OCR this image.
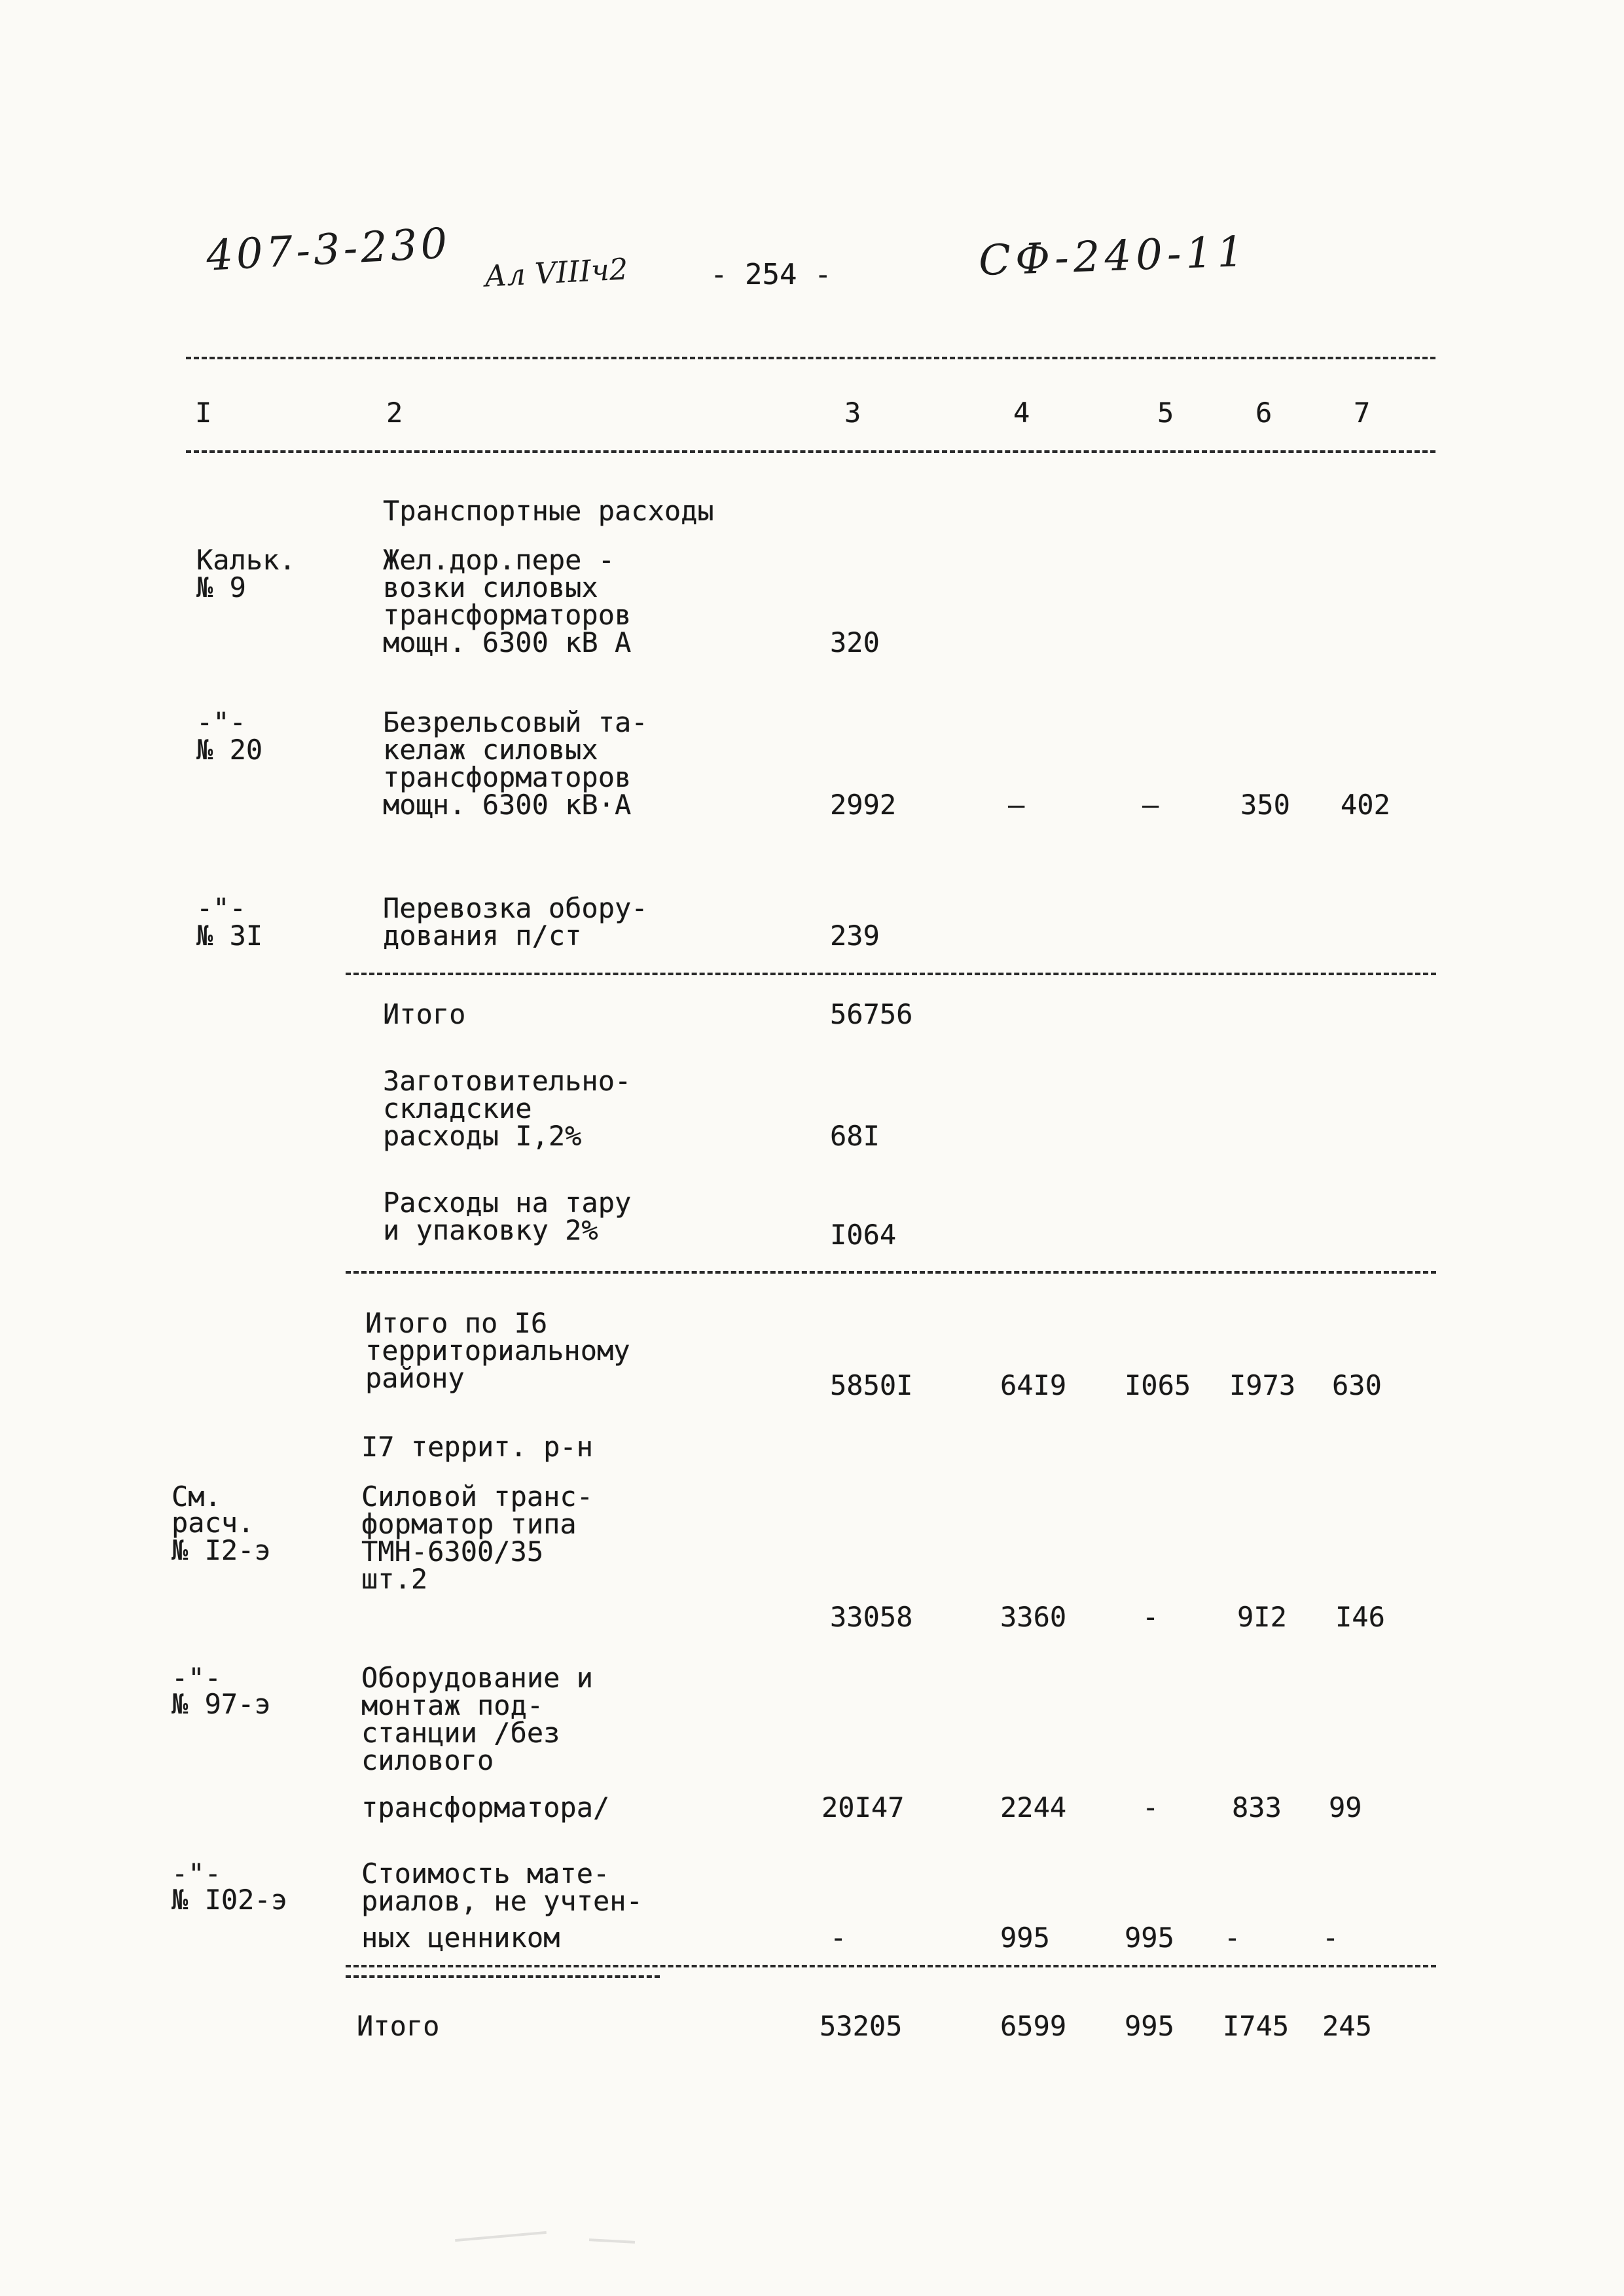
407-3-230 Ал VIIIч2	- 254 -	СФ-240-11
I	2	3	4	5	6	7
Транспортные расходы
Кальк.
№ 9
Жел.дор.пере -
возки силовых
трансформаторов
мощн. 6300 кВ А	320
-"-
№ 20
Безрельсовый та-
келаж силовых
трансформаторов
мощн. 6300 кВ·А	2992	–	–	350 402
-"-
№ 3I
Перевозка обору-
дования п/ст	239
Итого	56756
Заготовительно-
складские
расходы I,2%	68I
Расходы на тару
и упаковку 2%	I064
Итого по I6
территориальному
району	5850I	64I9 I065 I973 630
I7 террит. р-н
См.
расч.
№ I2-э
Силовой транс-
форматор типа
ТМН-6300/35
шт.2
33058	3360	-	9I2 I46
-"-
№ 97-э
Оборудование и
монтаж под-
станции /без
силового
трансформатора/	20I47	2244	-	833 99
-"-
№ I02-э
Стоимость мате-
риалов, не учтен-
ных ценником	-	995	995 -	-
Итого	53205	6599 995 I745 245
